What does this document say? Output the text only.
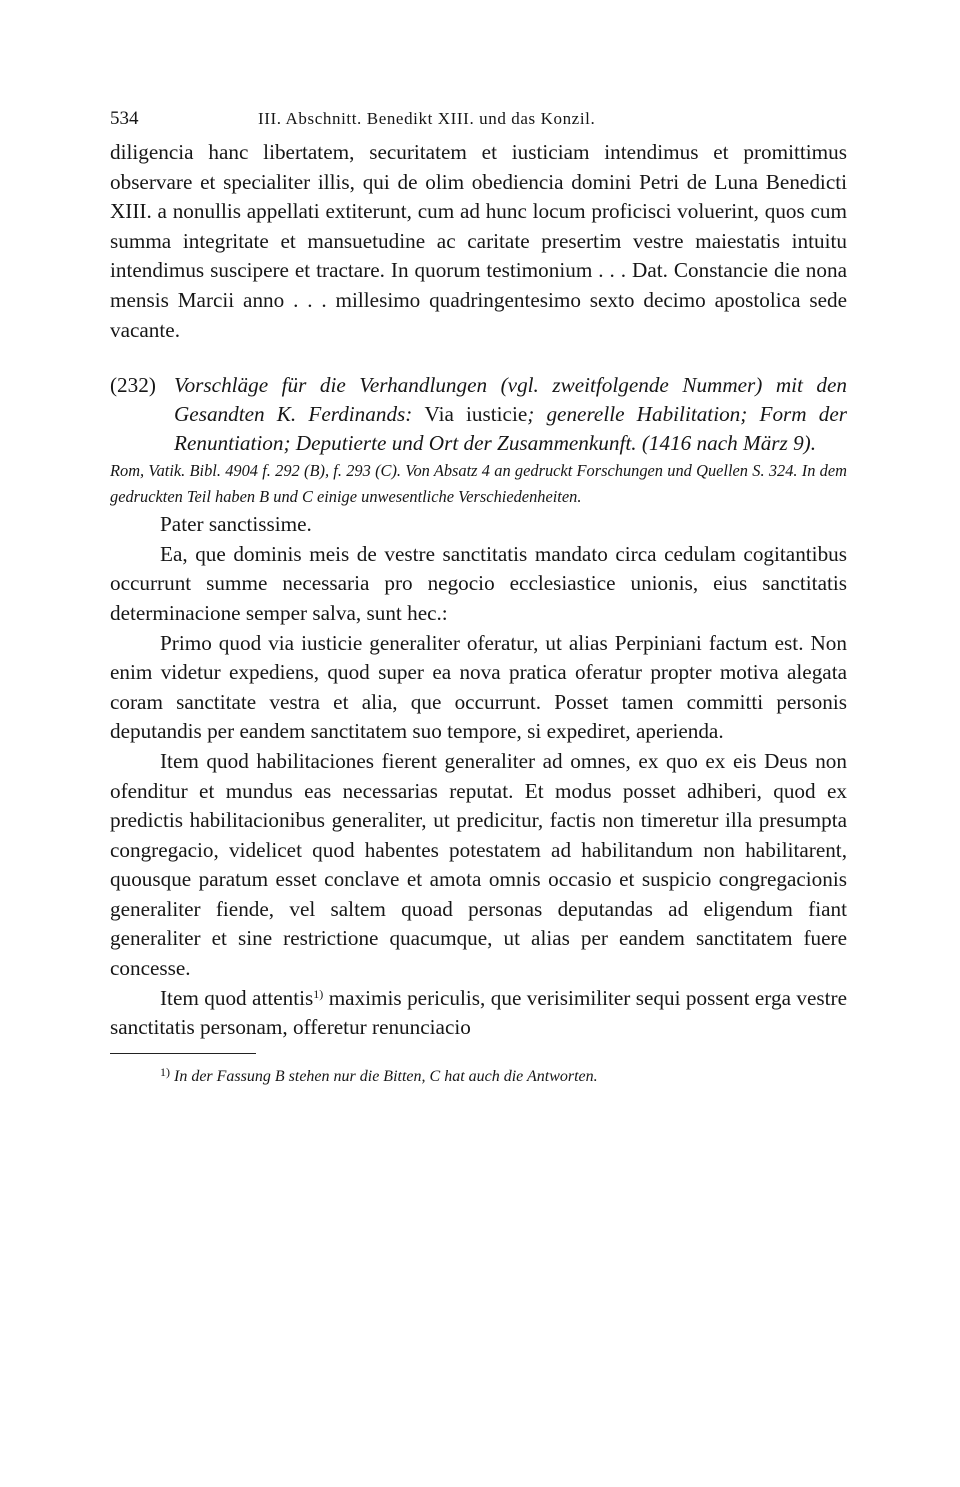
534	III. Abschnitt. Benedikt XIII. und das Konzil.

diligencia hanc libertatem, securitatem et iusticiam intendimus et promittimus observare et specialiter illis, qui de olim obediencia domini Petri de Luna Benedicti XIII. a nonullis appellati extiterunt, cum ad hunc locum proficisci voluerint, quos cum summa integritate et mansuetudine ac caritate presertim vestre maiestatis intuitu intendimus suscipere et tractare. In quorum testimonium . . . Dat. Constancie die nona mensis Marcii anno . . . millesimo quadringentesimo sexto decimo apostolica sede vacante.

(232) Vorschläge für die Verhandlungen (vgl. zweitfolgende Nummer) mit den Gesandten K. Ferdinands: Via iusticie; generelle Habilitation; Form der Renuntiation; Deputierte und Ort der Zusammenkunft. (1416 nach März 9).

Rom, Vatik. Bibl. 4904 f. 292 (B), f. 293 (C). Von Absatz 4 an gedruckt Forschungen und Quellen S. 324. In dem gedruckten Teil haben B und C einige unwesentliche Verschiedenheiten.

Pater sanctissime.

Ea, que dominis meis de vestre sanctitatis mandato circa cedulam cogitantibus occurrunt summe necessaria pro negocio ecclesiastice unionis, eius sanctitatis determinacione semper salva, sunt hec.:

Primo quod via iusticie generaliter oferatur, ut alias Perpiniani factum est. Non enim videtur expediens, quod super ea nova pratica oferatur propter motiva alegata coram sanctitate vestra et alia, que occurrunt. Posset tamen committi personis deputandis per eandem sanctitatem suo tempore, si expediret, aperienda.

Item quod habilitaciones fierent generaliter ad omnes, ex quo ex eis Deus non ofenditur et mundus eas necessarias reputat. Et modus posset adhiberi, quod ex predictis habilitacionibus generaliter, ut predicitur, factis non timeretur illa presumpta congregacio, videlicet quod habentes potestatem ad habilitandum non habilitarent, quousque paratum esset conclave et amota omnis occasio et suspicio congregacionis generaliter fiende, vel saltem quoad personas deputandas ad eligendum fiant generaliter et sine restrictione quacumque, ut alias per eandem sanctitatem fuere concesse.

Item quod attentis$^{1)}$ maximis periculis, que verisimiliter sequi possent erga vestre sanctitatis personam, offeretur renunciacio

$^{1)}$ In der Fassung B stehen nur die Bitten, C hat auch die Antworten.
